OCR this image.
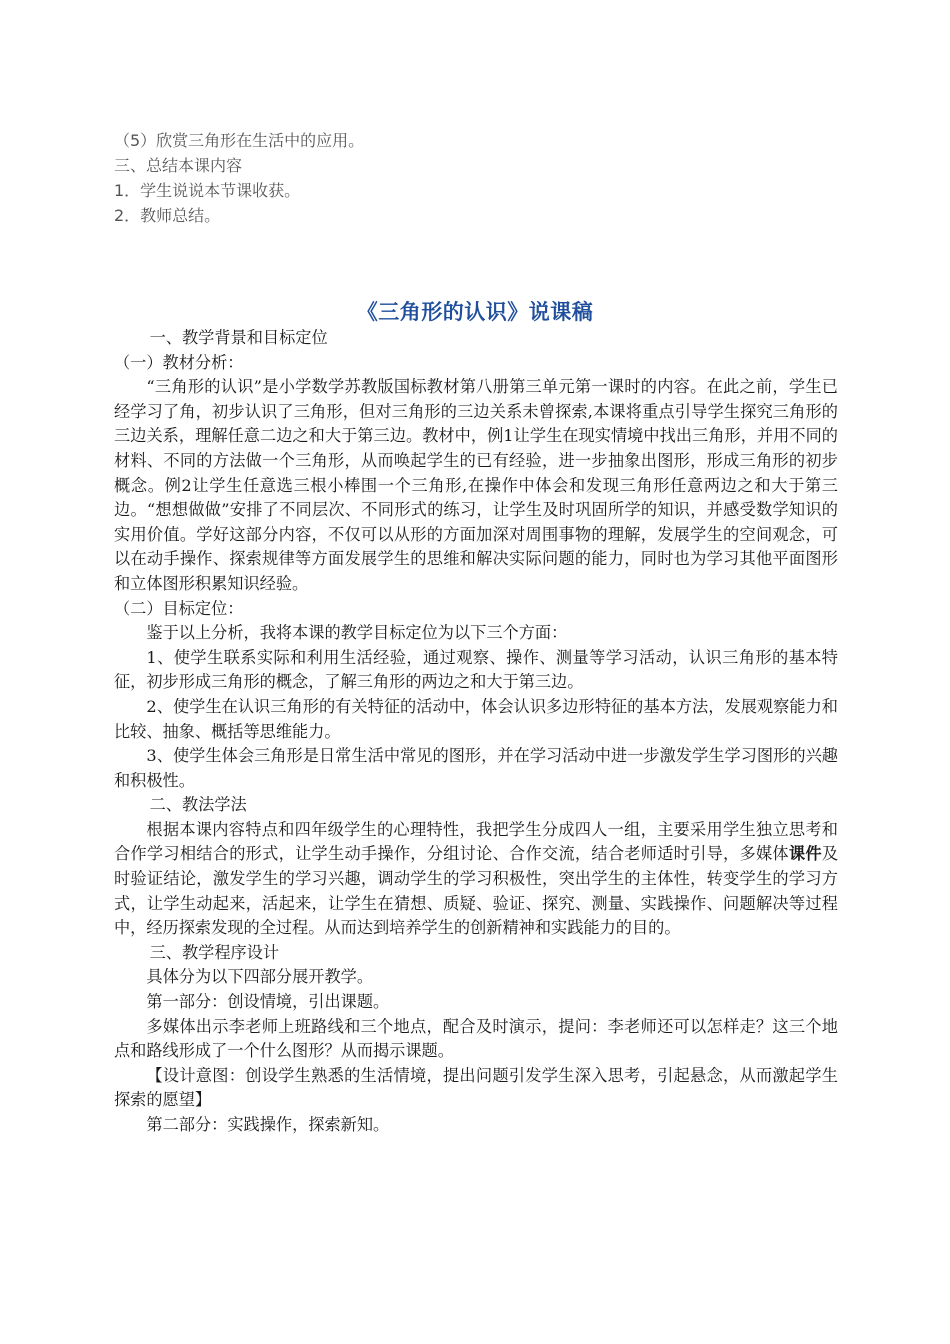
（5）欣赏三角形在生活中的应用。
三、总结本课内容
1．学生说说本节课收获。
2．教师总结。
《三角形的认识》说课稿

一、教学背景和目标定位

（一）教材分析：

“三角形的认识”是小学数学苏教版国标教材第八册第三单元第一课时的内容。在此之前，学生已经学习了角，初步认识了三角形，但对三角形的三边关系未曾探索,本课将重点引导学生探究三角形的三边关系，理解任意二边之和大于第三边。教材中，例1让学生在现实情境中找出三角形，并用不同的材料、不同的方法做一个三角形，从而唤起学生的已有经验，进一步抽象出图形，形成三角形的初步概念。例2让学生任意选三根小棒围一个三角形,在操作中体会和发现三角形任意两边之和大于第三边。“想想做做”安排了不同层次、不同形式的练习，让学生及时巩固所学的知识，并感受数学知识的实用价值。学好这部分内容，不仅可以从形的方面加深对周围事物的理解，发展学生的空间观念，可以在动手操作、探索规律等方面发展学生的思维和解决实际问题的能力，同时也为学习其他平面图形和立体图形积累知识经验。

（二）目标定位：

鉴于以上分析，我将本课的教学目标定位为以下三个方面：

1、使学生联系实际和利用生活经验，通过观察、操作、测量等学习活动，认识三角形的基本特征，初步形成三角形的概念，了解三角形的两边之和大于第三边。

2、使学生在认识三角形的有关特征的活动中，体会认识多边形特征的基本方法，发展观察能力和比较、抽象、概括等思维能力。

3、使学生体会三角形是日常生活中常见的图形，并在学习活动中进一步激发学生学习图形的兴趣和积极性。

二、教法学法

根据本课内容特点和四年级学生的心理特性，我把学生分成四人一组，主要采用学生独立思考和合作学习相结合的形式，让学生动手操作，分组讨论、合作交流，结合老师适时引导，多媒体课件及时验证结论，激发学生的学习兴趣，调动学生的学习积极性，突出学生的主体性，转变学生的学习方式，让学生动起来，活起来，让学生在猜想、质疑、验证、探究、测量、实践操作、问题解决等过程中，经历探索发现的全过程。从而达到培养学生的创新精神和实践能力的目的。

三、教学程序设计

具体分为以下四部分展开教学。

第一部分：创设情境，引出课题。

多媒体出示李老师上班路线和三个地点，配合及时演示，提问：李老师还可以怎样走？这三个地点和路线形成了一个什么图形？从而揭示课题。

【设计意图：创设学生熟悉的生活情境，提出问题引发学生深入思考，引起悬念，从而激起学生探索的愿望】

第二部分：实践操作，探索新知。
